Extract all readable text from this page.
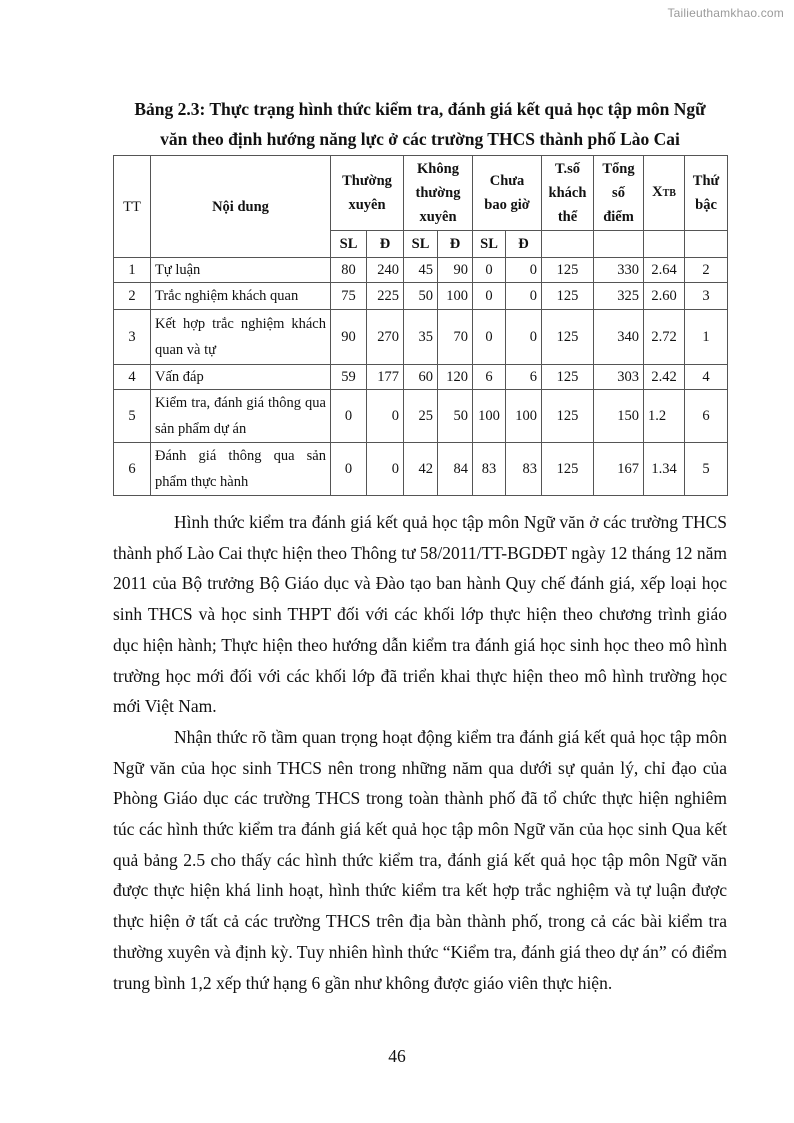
Tailieuthamkhao.com
Bảng 2.3: Thực trạng hình thức kiểm tra, đánh giá kết quả học tập môn Ngữ
văn theo định hướng năng lực ở các trường THCS thành phố Lào Cai
TT	Nội dung	Thường xuyên		Không thường xuyên		Chưa bao giờ		T.số khách thể	Tổng số điểm	XTB	Thứ bậc
		SL	Đ	SL	Đ	SL	Đ				
1	Tự luận	80	240	45	90	0	0	125	330	2.64	2
2	Trắc nghiệm khách quan	75	225	50	100	0	0	125	325	2.60	3
3	Kết hợp trắc nghiệm khách quan và tự	90	270	35	70	0	0	125	340	2.72	1
4	Vấn đáp	59	177	60	120	6	6	125	303	2.42	4
5	Kiểm tra, đánh giá thông qua sản phẩm dự án	0	0	25	50	100	100	125	150	1.2	6
6	Đánh giá thông qua sản phẩm thực hành	0	0	42	84	83	83	125	167	1.34	5

Hình thức kiểm tra đánh giá kết quả học tập môn Ngữ văn ở các trường THCS thành phố Lào Cai thực hiện theo Thông tư 58/2011/TT-BGDĐT ngày 12 tháng 12 năm 2011 của Bộ trưởng Bộ Giáo dục và Đào tạo ban hành Quy chế đánh giá, xếp loại học sinh THCS và học sinh THPT đối với các khối lớp thực hiện theo chương trình giáo dục hiện hành; Thực hiện theo hướng dẫn kiểm tra đánh giá học sinh học theo mô hình trường học mới đối với các khối lớp đã triển khai thực hiện theo mô hình trường học mới Việt Nam.

Nhận thức rõ tầm quan trọng hoạt động kiểm tra đánh giá kết quả học tập môn Ngữ văn của học sinh THCS nên trong những năm qua dưới sự quản lý, chỉ đạo của Phòng Giáo dục các trường THCS trong toàn thành phố đã tổ chức thực hiện nghiêm túc các hình thức kiểm tra đánh giá kết quả học tập môn Ngữ văn của học sinh Qua kết quả bảng 2.5 cho thấy các hình thức kiểm tra, đánh giá kết quả học tập môn Ngữ văn được thực hiện khá linh hoạt, hình thức kiểm tra kết hợp trắc nghiệm và tự luận được thực hiện ở tất cả các trường THCS trên địa bàn thành phố, trong cả các bài kiểm tra thường xuyên và định kỳ. Tuy nhiên hình thức “Kiểm tra, đánh giá theo dự án” có điểm trung bình 1,2 xếp thứ hạng 6 gần như không được giáo viên thực hiện.

46
